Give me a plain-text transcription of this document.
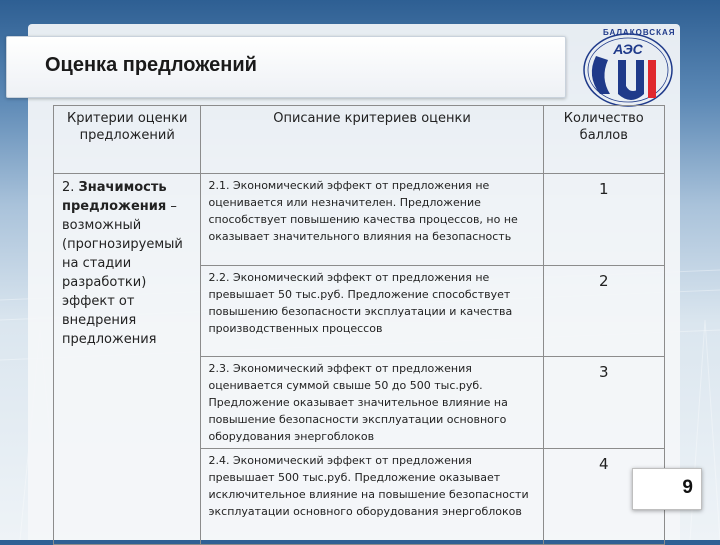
Оценка предложений
АЭС
БАЛАКОВСКАЯ
Критерии оценки предложений	Описание критериев оценки	Количество баллов

2. Значимость предложения – возможный (прогнозируемый на стадии разработки) эффект от внедрения предложения	2.1. Экономический эффект от предложения не оценивается или незначителен. Предложение способствует повышению качества процессов, но не оказывает значительного влияния на безопасность	1

	2.2. Экономический эффект от предложения не превышает 50 тыс.руб. Предложение способствует повышению безопасности эксплуатации и качества производственных процессов	2

	2.3. Экономический эффект от предложения оценивается суммой свыше 50 до 500 тыс.руб. Предложение оказывает значительное влияние на повышение безопасности эксплуатации основного оборудования энергоблоков	3

	2.4. Экономический эффект от предложения превышает 500 тыс.руб. Предложение оказывает исключительное влияние на повышение безопасности эксплуатации основного оборудования энергоблоков	4
9
